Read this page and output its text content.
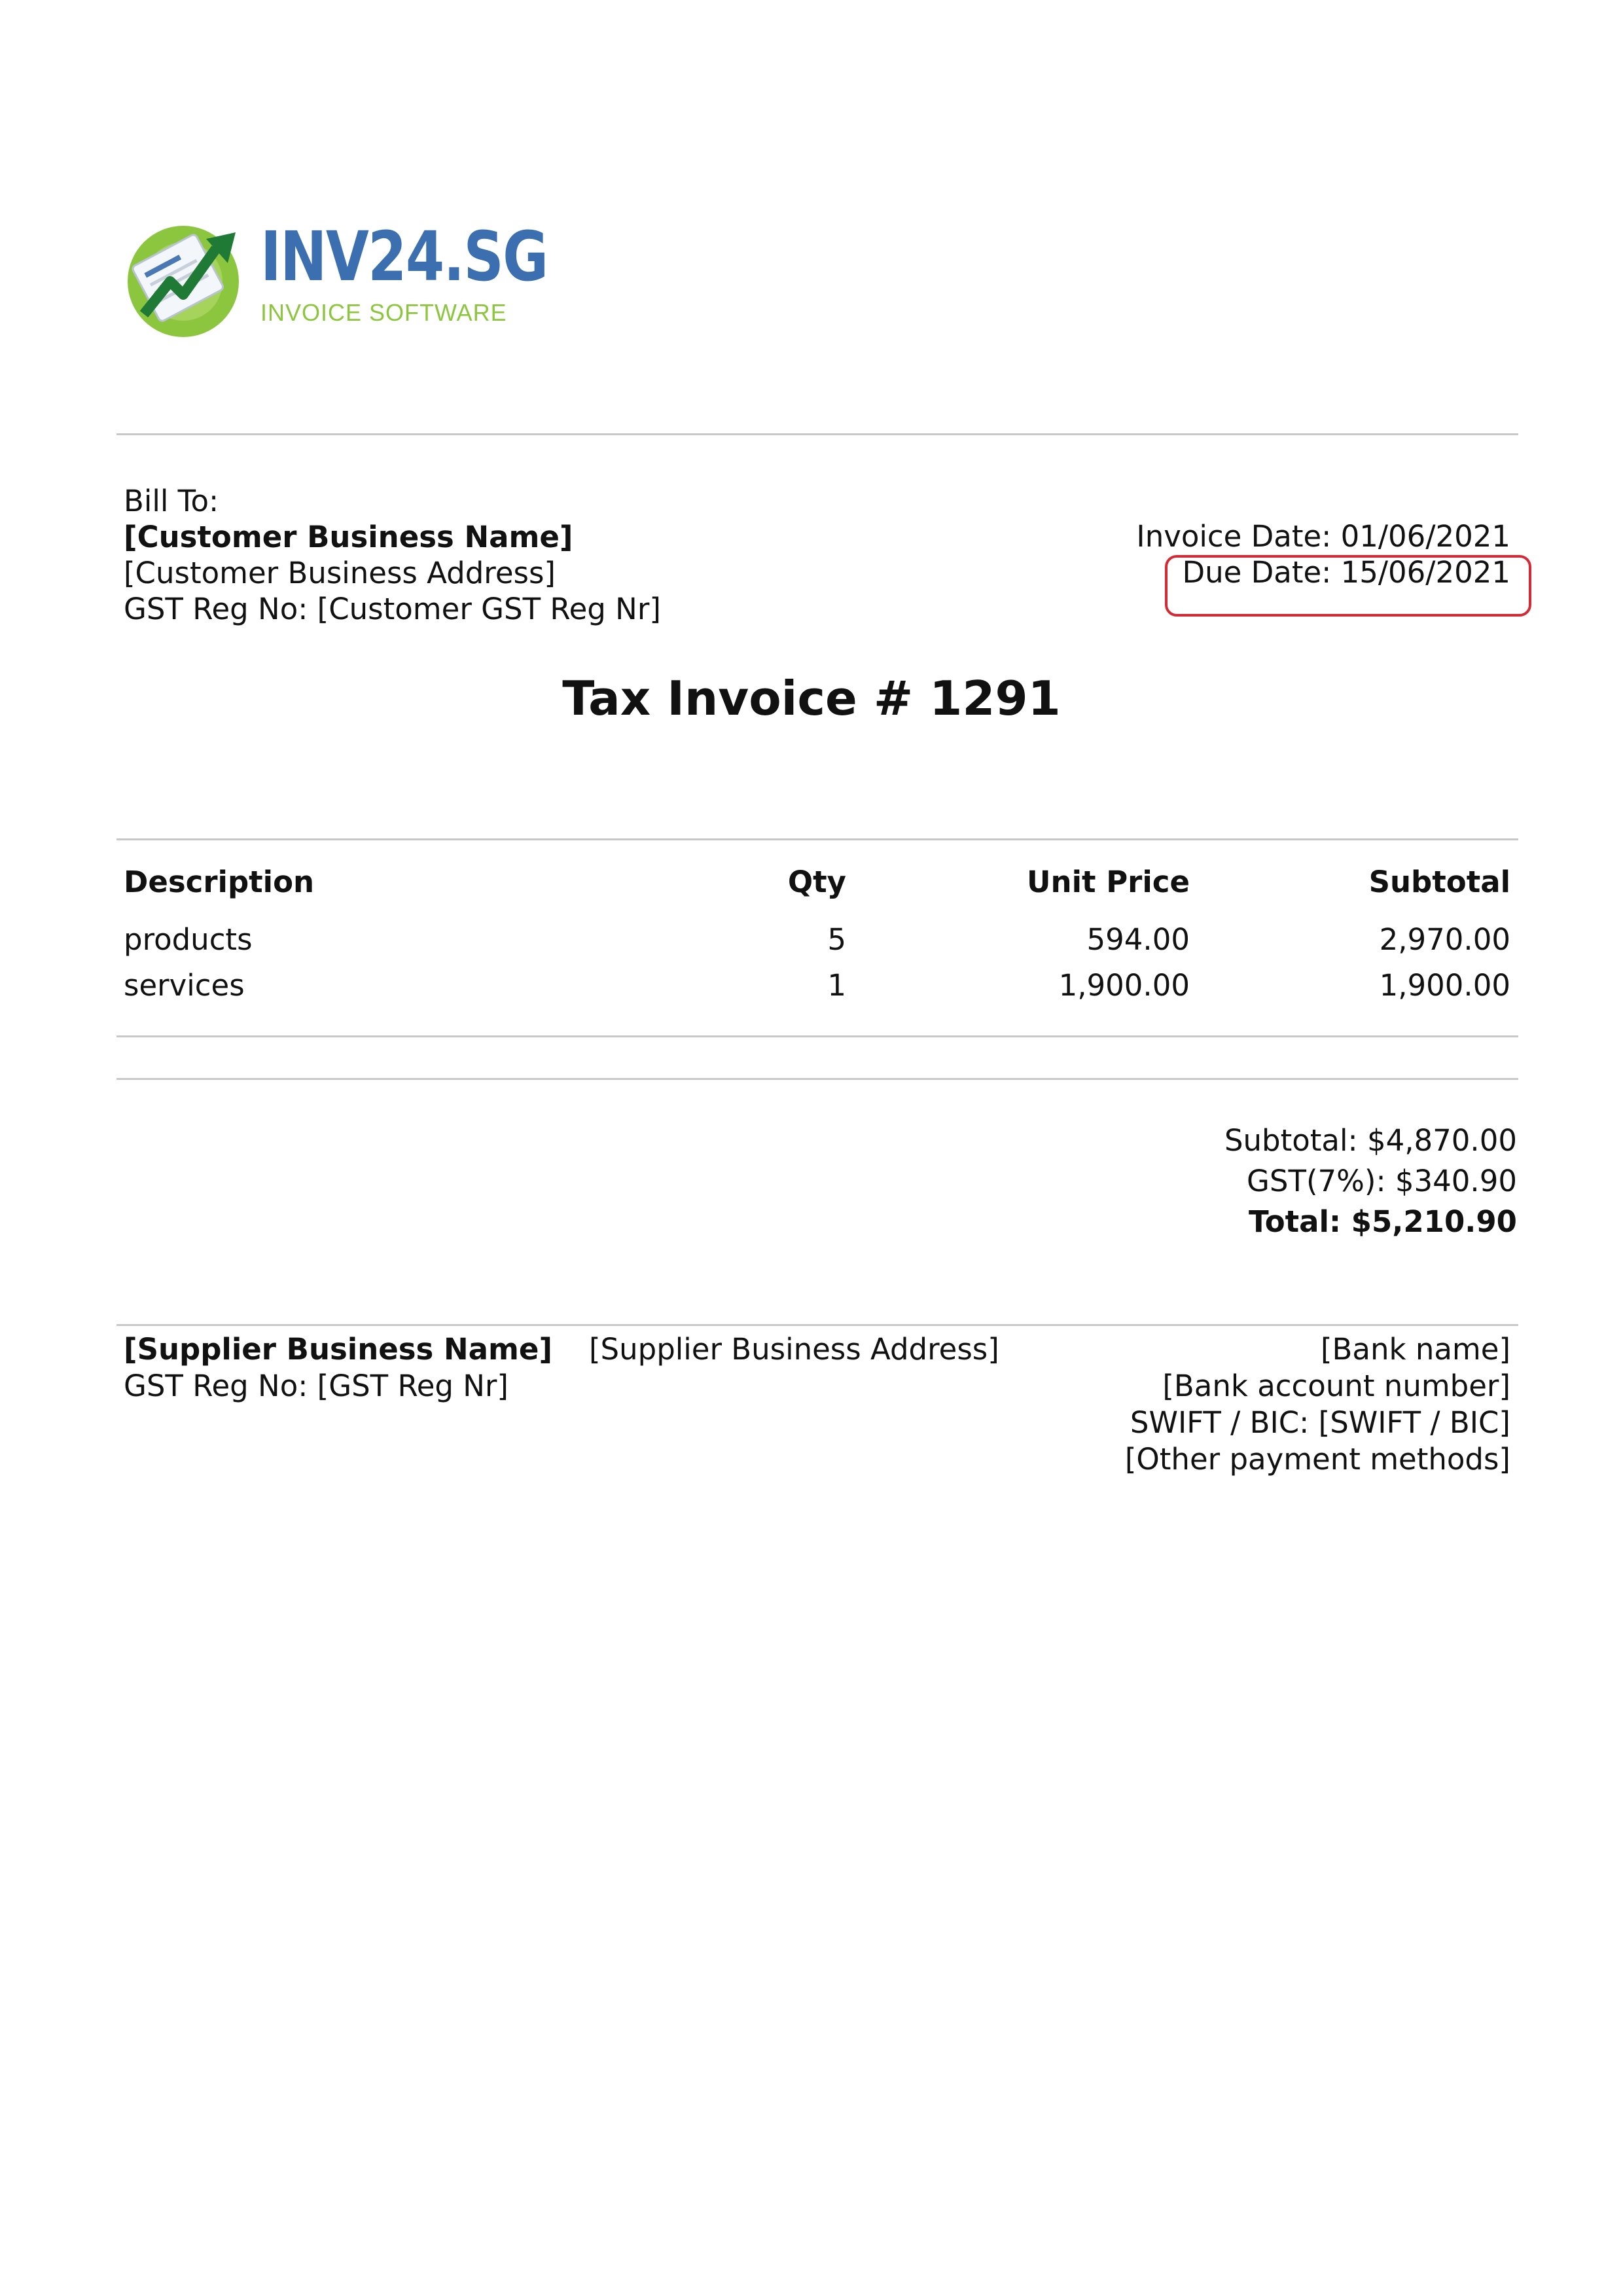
INV24.SG
INVOICE SOFTWARE
Bill To:
[Customer Business Name]
[Customer Business Address]
GST Reg No: [Customer GST Reg Nr]
Invoice Date: 01/06/2021
Due Date: 15/06/2021
Tax Invoice # 1291
Description	Qty	Unit Price	Subtotal
products	5	594.00	2,970.00
services	1	1,900.00	1,900.00
Subtotal: $4,870.00
GST(7%): $340.90
Total: $5,210.90
[Supplier Business Name]
GST Reg No: [GST Reg Nr]
[Supplier Business Address]	[Bank name]
[Bank account number]
SWIFT / BIC: [SWIFT / BIC]
[Other payment methods]
